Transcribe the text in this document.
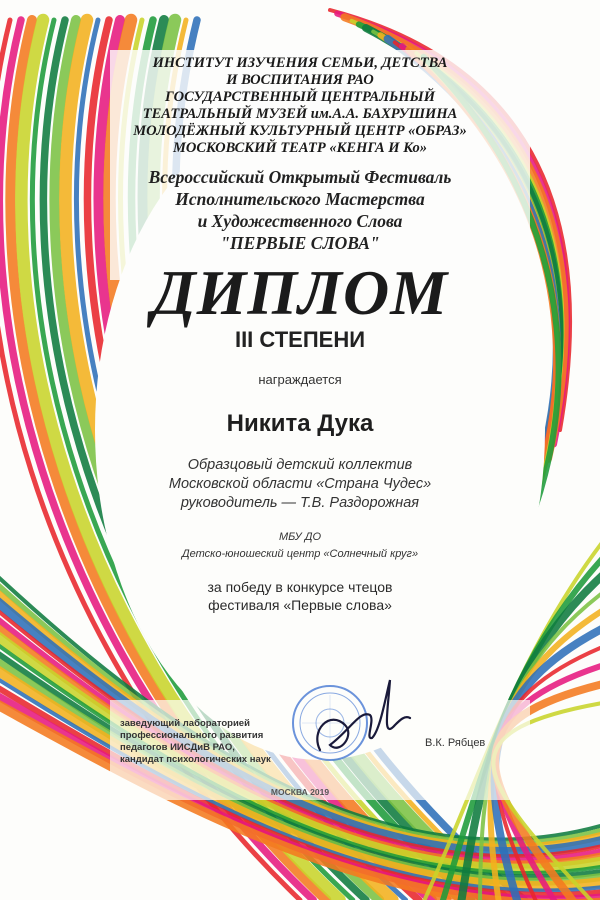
ИНСТИТУТ ИЗУЧЕНИЯ СЕМЬИ, ДЕТСТВА
И ВОСПИТАНИЯ РАО
ГОСУДАРСТВЕННЫЙ ЦЕНТРАЛЬНЫЙ
ТЕАТРАЛЬНЫЙ МУЗЕЙ им.А.А. БАХРУШИНА
МОЛОДЁЖНЫЙ КУЛЬТУРНЫЙ ЦЕНТР «ОБРАЗ»
МОСКОВСКИЙ ТЕАТР «КЕНГА И Ко»
Всероссийский Открытый Фестиваль
Исполнительского Мастерства
и Художественного Слова
"ПЕРВЫЕ СЛОВА"
ДИПЛОМ
III СТЕПЕНИ
награждается
Никита Дука
Образцовый детский коллектив
Московской области «Страна Чудес»
руководитель — Т.В. Раздорожная
МБУ ДО
Детско-юношеский центр «Солнечный круг»
за победу в конкурсе чтецов
фестиваля «Первые слова»
заведующий лабораторией
профессионального развития
педагогов ИИСДиВ РАО,
кандидат психологических наук
В.К. Рябцев
МОСКВА 2019
